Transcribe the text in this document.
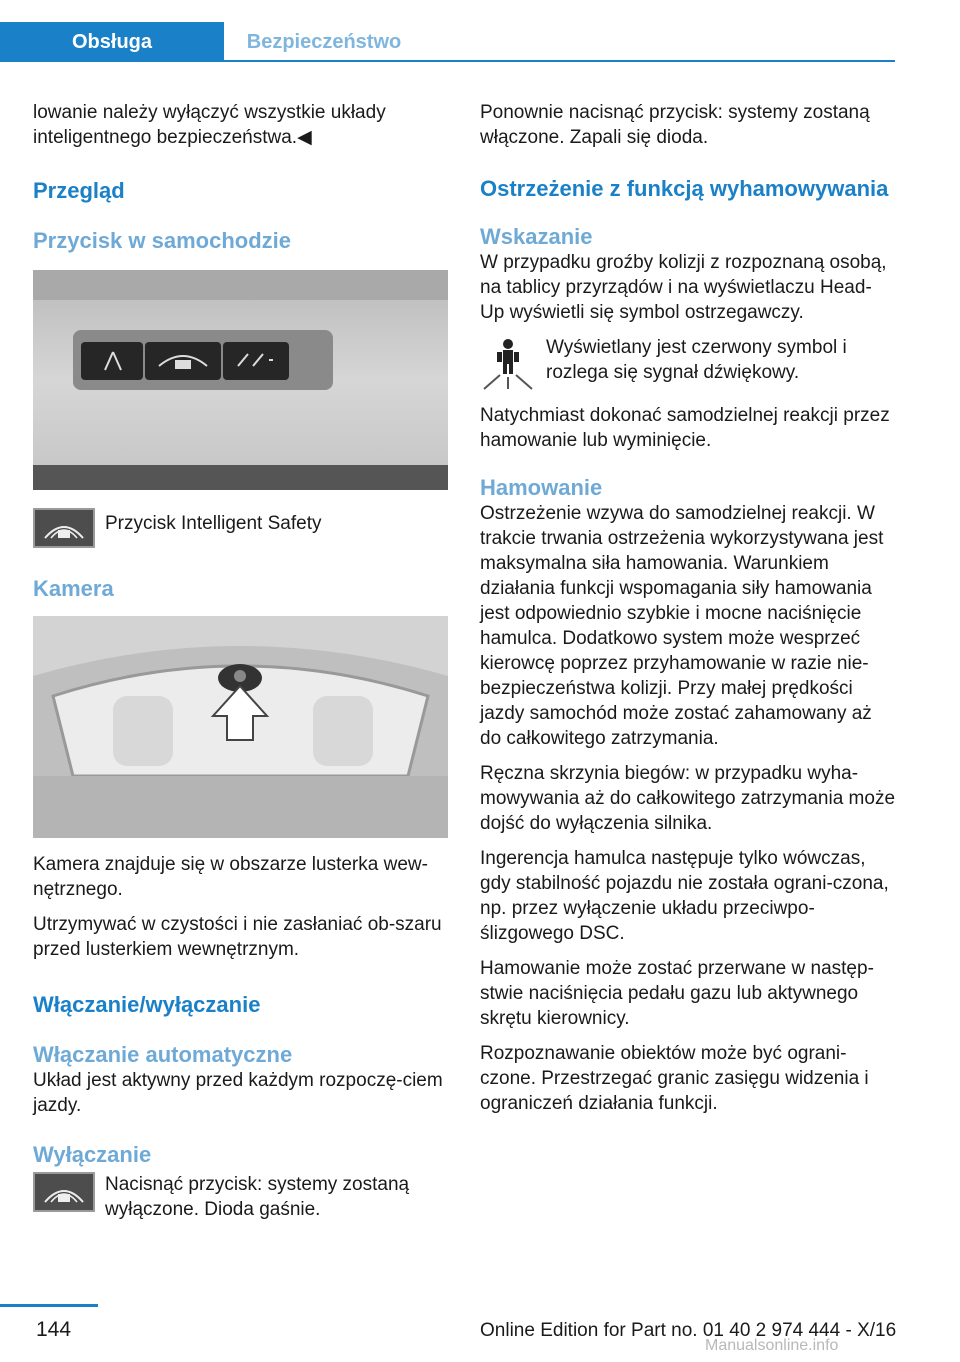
Obsługa	Bezpieczeństwo

lowanie należy wyłączyć wszystkie układy inteligentnego bezpieczeństwa.◀

Przegląd
Przycisk w samochodzie

Przycisk Intelligent Safety

Kamera

Kamera znajduje się w obszarze lusterka wew‐nętrznego.

Utrzymywać w czystości i nie zasłaniać ob‐szaru przed lusterkiem wewnętrznym.

Włączanie/wyłączanie
Włączanie automatyczne

Układ jest aktywny przed każdym rozpoczę‐ciem jazdy.

Wyłączanie

Nacisnąć przycisk: systemy zostaną wyłączone. Dioda gaśnie.

Ponownie nacisnąć przycisk: systemy zostaną włączone. Zapali się dioda.

Ostrzeżenie z funkcją wyhamowywania
Wskazanie

W przypadku groźby kolizji z rozpoznaną osobą, na tablicy przyrządów i na wyświetlaczu Head-Up wyświetli się symbol ostrzegawczy.

Wyświetlany jest czerwony symbol i rozlega się sygnał dźwiękowy.

Natychmiast dokonać samodzielnej reakcji przez hamowanie lub wyminięcie.

Hamowanie

Ostrzeżenie wzywa do samodzielnej reakcji. W trakcie trwania ostrzeżenia wykorzystywana jest maksymalna siła hamowania. Warunkiem działania funkcji wspomagania siły hamowania jest odpowiednio szybkie i mocne naciśnięcie hamulca. Dodatkowo system może wesprzeć kierowcę poprzez przyhamowanie w razie nie‐bezpieczeństwa kolizji. Przy małej prędkości jazdy samochód może zostać zahamowany aż do całkowitego zatrzymania.

Ręczna skrzynia biegów: w przypadku wyha‐mowywania aż do całkowitego zatrzymania może dojść do wyłączenia silnika.

Ingerencja hamulca następuje tylko wówczas, gdy stabilność pojazdu nie została ograni‐czona, np. przez wyłączenie układu przeciwpo‐ślizgowego DSC.

Hamowanie może zostać przerwane w następ‐stwie naciśnięcia pedału gazu lub aktywnego skrętu kierownicy.

Rozpoznawanie obiektów może być ograni‐czone. Przestrzegać granic zasięgu widzenia i ograniczeń działania funkcji.

144	Online Edition for Part no. 01 40 2 974 444 - X/16
Manualsonline.info
